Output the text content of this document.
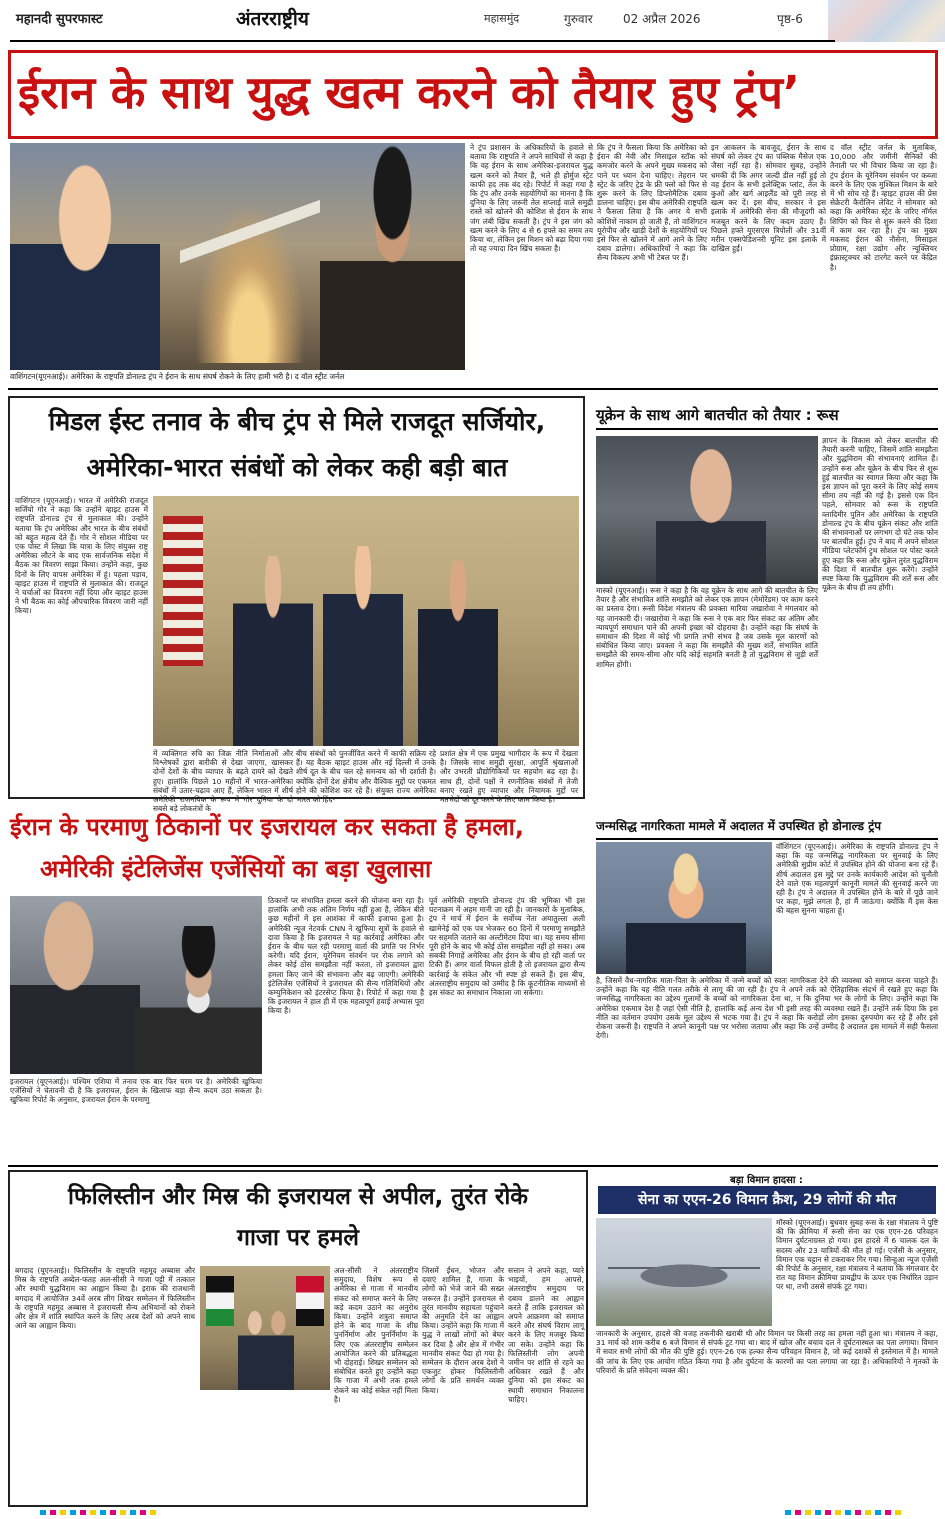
महानदी सुपरफास्ट	अंतरराष्ट्रीय	महासमुंद	गुरुवार	02 अप्रैल 2026	पृष्ठ-6
ईरान के साथ युद्ध खत्म करने को तैयार हुए ट्रंप’
वाशिंगटन(यूएनआई)। अमेरिका के राष्ट्रपति डोनाल्ड ट्रंप ने ईरान के साथ संघर्ष रोकने के लिए हामी भरी है। द वॉल स्ट्रीट जर्नल
ने ट्रंप प्रशासन के अधिकारियों के हवाले से बताया कि राष्ट्रपति ने अपने साथियों से कहा है कि वह ईरान के साथ अमेरिका-इजरायल युद्ध खत्म करने को तैयार हैं, भले ही होर्मुज स्ट्रेट काफी हद तक बंद रहे। रिपोर्ट में कहा गया है कि ट्रंप और उनके सहयोगियों का मानना है कि दुनिया के लिए जरूरी तेल सप्लाई वाले समुद्री रास्ते को खोलने की कोशिश से ईरान के साथ जंग लंबी खिंच सकती है। ट्रंप ने इस जंग को खत्म करने के लिए 4 से 6 हफ्ते का समय तय किया था, लेकिन इस मिशन को बढ़ा दिया गया तो यह ज्यादा दिन खिंच सकता है।
कि ट्रंप ने फैसला किया कि अमेरिका को ईरान की नेवी और मिसाइल स्टॉक को कमजोर करने के अपने मुख्य मकसद को पाने पर ध्यान देना चाहिए। तेहरान पर स्ट्रेट के जरिए ट्रेड के फ्री फ्लो को फिर से शुरू करने के लिए डिप्लोमैटिक दबाव डालना चाहिए। इस बीच अमेरिकी राष्ट्रपति ने फैसला लिया है कि अगर ये सभी कोशिशें नाकाम हो जाती हैं, तो वाशिंगटन यूरोपीय और खाड़ी देशों के सहयोगियों पर इसे फिर से खोलने में आगे आने के लिए दबाव डालेगा। अधिकारियों ने कहा कि सैन्य विकल्प अभी भी टेबल पर हैं।
इन आकलन के बावजूद, ईरान के साथ संघर्ष को लेकर ट्रंप का पब्लिक मैसेज एक जैसा नहीं रहा है। सोमवार सुबह, उन्होंने धमकी दी कि अगर जल्दी डील नहीं हुई तो वह ईरान के सभी इलेक्ट्रिक प्लांट, तेल के कुओं और खर्ग आइलैंड को पूरी तरह से खत्म कर दें। इस बीच, सरकार ने इस इलाके में अमेरिकी सेना की मौजूदगी को मजबूत करने के लिए कदम उठाए हैं। पिछले हफ्ते यूएसएस त्रिपोली और 31वीं मरीन एक्सपेडिशनरी यूनिट इस इलाके में दाखिल हुईं।
द वॉल स्ट्रीट जर्नल के मुताबिक, 10,000 और जमीनी सैनिकों की तैनाती पर भी विचार किया जा रहा है। ट्रंप ईरान के यूरेनियम संवर्धन पर कब्जा करने के लिए एक मुश्किल मिशन के बारे में भी सोच रहे हैं। व्हाइट हाउस की प्रेस सेक्रेटरी कैरोलिन लेविट ने सोमवार को कहा कि अमेरिका स्ट्रेट के जरिए नॉर्मल शिपिंग को फिर से शुरू करने की दिशा में काम कर रहा है। ट्रंप का मुख्य मकसद ईरान की नौसेना, मिसाइल प्रोग्राम, रक्षा उद्योग और न्यूक्लियर इंफ्रास्ट्रक्चर को टारगेट करने पर केंद्रित है।
मिडल ईस्ट तनाव के बीच ट्रंप से मिले राजदूत सर्जियोर,
अमेरिका-भारत संबंधों को लेकर कही बड़ी बात
वाशिंगटन (यूएनआई)। भारत में अमेरिकी राजदूत सर्जियो गोर ने कहा कि उन्होंने व्हाइट हाउस में राष्ट्रपति डोनाल्ड ट्रंप से मुलाकात की। उन्होंने बताया कि ट्रंप अमेरिका और भारत के बीच संबंधों को बहुत महत्व देते हैं। गोर ने सोशल मीडिया पर एक पोस्ट में लिखा कि यात्रा के लिए संयुक्त राष्ट्र अमेरिका लौटने के बाद एक सार्वजनिक संदेश में बैठक का विवरण साझा किया। उन्होंने कहा, कुछ दिनों के लिए वापस अमेरिका में हूं। पहला पड़ाव, व्हाइट हाउस में राष्ट्रपति से मुलाकात की। राजदूत ने चर्चाओं का विवरण नहीं दिया और व्हाइट हाउस ने भी बैठक का कोई औपचारिक विवरण जारी नहीं किया।
में व्यक्तिगत रुचि का जिक्र नीति निर्माताओं और विश्लेषकों द्वारा बारीकी से देखा जाएगा, खासकर दोनों देशों के बीच व्यापार के बढ़ते दायरे को देखते हुए। हालांकि पिछले 10 महीनों में भारत-अमेरिका संबंधों में उतार-चढ़ाव आए हैं, लेकिन भारत में शीर्ष अमेरिकी राजनयिक के रूप में गोर दुनिया के दो सबसे बड़े लोकतंत्रों के
बीच संबंधों को पुनर्जीवित करने में काफी सक्रिय रहे हैं। यह बैठक व्हाइट हाउस और नई दिल्ली में उनके शीर्ष दूत के बीच चल रहे समन्वय को भी दर्शाती है। क्योंकि दोनों देश क्षेत्रीय और वैश्विक मुद्दों पर एकमत होने की कोशिश कर रहे हैं। संयुक्त राज्य अमेरिका भारत को हिंद-
प्रशांत क्षेत्र में एक प्रमुख भागीदार के रूप में देखता है। जिसके साथ समुद्री सुरक्षा, आपूर्ति श्रृंखलाओं और उभरती प्रौद्योगिकियों पर सहयोग बढ़ रहा है। साथ ही, दोनों पक्षों ने रणनीतिक संबंधों में तेजी बनाए रखते हुए व्यापार और नियामक मुद्दों पर मतभेदों को दूर करने के लिए काम किया है।
यूक्रेन के साथ आगे बातचीत को तैयार : रूस
मास्को (यूएनआई)। रूस ने कहा है कि वह यूक्रेन के साथ आगे की बातचीत के लिए तैयार है और संभावित शांति समझौते को लेकर एक ज्ञापन (मेमोरेंडम) पर काम करने का प्रस्ताव देगा। रूसी विदेश मंत्रालय की प्रवक्ता मारिया जखारोवा ने मंगलवार को यह जानकारी दी। जखारोवा ने कहा कि रूस ने एक बार फिर संकट का अंतिम और न्यायपूर्ण समाधान पाने की अपनी इच्छा को दोहराया है। उन्होंने कहा कि संघर्ष के समाधान की दिशा में कोई भी प्रगति तभी संभव है जब उसके मूल कारणों को संबोधित किया जाए। प्रवक्ता ने कहा कि समझौते की मुख्य शर्तें, संभावित शांति समझौते की समय-सीमा और यदि कोई सहमति बनती है तो युद्धविराम से जुड़ी शर्तें शामिल होंगी।
ज्ञापन के विकास को लेकर बातचीत की तैयारी करनी चाहिए, जिसमें शांति समझौता और युद्धविराम की संभावनाएं शामिल हैं। उन्होंने रूस और यूक्रेन के बीच फिर से शुरू हुई बातचीत का स्वागत किया और कहा कि इस ज्ञापन को पूरा करने के लिए कोई समय सीमा तय नहीं की गई है। इससे एक दिन पहले, सोमवार को रूस के राष्ट्रपति व्लादिमीर पुतिन और अमेरिका के राष्ट्रपति डोनाल्ड ट्रंप के बीच यूक्रेन संकट और शांति की संभावनाओं पर लगभग दो घंटे तक फोन पर बातचीत हुई। ट्रंप ने बाद में अपने सोशल मीडिया प्लेटफॉर्म ट्रुथ सोशल पर पोस्ट करते हुए कहा कि रूस और यूक्रेन तुरंत युद्धविराम की दिशा में बातचीत शुरू करेंगे। उन्होंने स्पष्ट किया कि युद्धविराम की शर्तें रूस और यूक्रेन के बीच ही तय होंगी।
ईरान के परमाणु ठिकानों पर इजरायल कर सकता है हमला,
अमेरिकी इंटेलिजेंस एजेंसियों का बड़ा खुलासा
इजरायल (यूएनआई)। पश्चिम एशिया में तनाव एक बार फिर चरम पर है। अमेरिकी खुफिया एजेंसियों ने चेतावनी दी है कि इजरायल, ईरान के खिलाफ बड़ा सैन्य कदम उठा सकता है। खुफिया रिपोर्ट के अनुसार, इजरायल ईरान के परमाणु
ठिकानों पर संभावित हमला करने की योजना बना रहा है। हालांकि अभी तक अंतिम निर्णय नहीं हुआ है, लेकिन बीते कुछ महीनों में इस आशंका में काफी इजाफा हुआ है। अमेरिकी न्यूज नेटवर्क CNN ने खुफिया सूत्रों के हवाले से दावा किया है कि इजरायल ने यह कार्रवाई अमेरिका और ईरान के बीच चल रही परमाणु वार्ता की प्रगति पर निर्भर करेगी। यदि ईरान, यूरेनियम संवर्धन पर रोक लगाने को लेकर कोई ठोस समझौता नहीं करता, तो इजरायल द्वारा हमला किए जाने की संभावना और बढ़ जाएगी। अमेरिकी इंटेलिजेंस एजेंसियों ने इजरायल की सैन्य गतिविधियों और कम्युनिकेशन को इंटरसेप्ट किया है। रिपोर्ट में कहा गया है कि इजरायल ने हाल ही में एक महत्वपूर्ण हवाई अभ्यास पूरा किया है।
पूर्व अमेरिकी राष्ट्रपति डोनाल्ड ट्रंप की भूमिका भी इस घटनाक्रम में अहम मानी जा रही है। जानकारों के मुताबिक, ट्रंप ने मार्च में ईरान के सर्वोच्च नेता अयातुल्ला अली खामेनेई को एक पत्र भेजकर 60 दिनों में परमाणु समझौते पर सहमति जताने का अल्टीमेटम दिया था। यह समय सीमा पूरी होने के बाद भी कोई ठोस समझौता नहीं हो सका। अब सबकी निगाहें अमेरिका और ईरान के बीच हो रही वार्ता पर टिकी हैं। अगर वार्ता विफल होती है तो इजरायल द्वारा सैन्य कार्रवाई के संकेत और भी स्पष्ट हो सकते हैं। इस बीच, अंतरराष्ट्रीय समुदाय को उम्मीद है कि कूटनीतिक माध्यमों से इस संकट का समाधान निकाला जा सकेगा।
जन्मसिद्ध नागरिकता मामले में अदालत में उपस्थित हो डोनाल्ड ट्रंप
वॉशिंगटन (यूएनआई)। अमेरिका के राष्ट्रपति डोनाल्ड ट्रंप ने कहा कि वह जन्मसिद्ध नागरिकता पर सुनवाई के लिए अमेरिकी सुप्रीम कोर्ट में उपस्थित होने की योजना बना रहे हैं। शीर्ष अदालत इस मुद्दे पर उनके कार्यकारी आदेश को चुनौती देने वाले एक महत्वपूर्ण कानूनी मामले की सुनवाई करने जा रही है। ट्रंप ने अदालत में उपस्थित होने के बारे में पूछे जाने पर कहा, मुझे लगता है, हां मैं जाऊंगा। क्योंकि मैं इस केस की बहस सुनना चाहता हूं।
है, जिसमें वैध-नागरिक माता-पिता के अमेरिका में जन्मे बच्चों को स्वतः नागरिकता देने की व्यवस्था को समाप्त करना चाहते हैं। उन्होंने कहा कि यह नीति गलत तरीके से लागू की जा रही है। ट्रंप ने अपने तर्क को ऐतिहासिक संदर्भ में रखते हुए कहा कि जन्मसिद्ध नागरिकता का उद्देश्य गुलामों के बच्चों को नागरिकता देना था, न कि दुनिया भर के लोगों के लिए। उन्होंने कहा कि अमेरिका एकमात्र देश है जहां ऐसी नीति है, हालांकि कई अन्य देश भी इसी तरह की व्यवस्था रखते हैं। उन्होंने तर्क दिया कि इस नीति का वर्तमान उपयोग उसके मूल उद्देश्य से भटक गया है। ट्रंप ने कहा कि करोड़ों लोग इसका दुरुपयोग कर रहे हैं और इसे रोकना जरूरी है। राष्ट्रपति ने अपने कानूनी पक्ष पर भरोसा जताया और कहा कि उन्हें उम्मीद है अदालत इस मामले में सही फैसला देगी।
फिलिस्तीन और मिस्र की इजरायल से अपील, तुरंत रोके
गाजा पर हमले
बगदाद (यूएनआई)। फिलिस्तीन के राष्ट्रपति महमूद अब्बास और मिस्र के राष्ट्रपति अब्देल-फतह अल-सीसी ने गाजा पट्टी में तत्काल और स्थायी युद्धविराम का आह्वान किया है। इराक की राजधानी बगदाद में आयोजित 34वें अरब लीग शिखर सम्मेलन में फिलिस्तीन के राष्ट्रपति महमूद अब्बास ने इजरायली सैन्य अभियानों को रोकने और क्षेत्र में शांति स्थापित करने के लिए अरब देशों को अपने साथ आने का आह्वान किया।
अल-सीसी ने अंतरराष्ट्रीय समुदाय, विशेष रूप से अमेरिका से गाजा में मानवीय संकट को समाप्त करने के लिए कड़े कदम उठाने का अनुरोध किया। उन्होंने शत्रुता समाप्त होने के बाद गाजा के शीघ्र पुनर्निर्माण और पुनर्निर्माण के लिए एक अंतरराष्ट्रीय सम्मेलन आयोजित करने की प्रतिबद्धता भी दोहराई। शिखर सम्मेलन को संबोधित करते हुए उन्होंने कहा कि गाजा में अभी तक हमले रोकने का कोई संकेत नहीं मिला है।
जिसमें ईंधन, भोजन और दवाएं शामिल हैं, गाजा के लोगों को भेजे जाने की सख्त जरूरत है। उन्होंने इजरायल से तुरंत मानवीय सहायता पहुंचाने की अनुमति देने का आह्वान किया। उन्होंने कहा कि गाजा में युद्ध ने लाखों लोगों को बेघर कर दिया है और क्षेत्र में गंभीर मानवीय संकट पैदा हो गया है। सम्मेलन के दौरान अरब देशों ने एकजुट होकर फिलिस्तीनी लोगों के प्रति समर्थन व्यक्त किया।
सत्तान ने अपने कहा, प्यारे भाइयों, हम आपसे, अंतरराष्ट्रीय समुदाय पर दबाव डालने का आह्वान करते हैं ताकि इजरायल को अपने आक्रमण को समाप्त करने और संघर्ष विराम लागू करने के लिए मजबूर किया जा सके। उन्होंने कहा कि फिलिस्तीनी लोग अपनी जमीन पर शांति से रहने का अधिकार रखते हैं और दुनिया को इस संकट का स्थायी समाधान निकालना चाहिए।
बड़ा विमान हादसा :
सेना का एएन-26 विमान क्रैश, 29 लोगों की मौत
मॉस्को (यूएनआई)। बुधवार सुबह रूस के रक्षा मंत्रालय ने पुष्टि की कि क्रीमिया में रूसी सेना का एक एएन-26 परिवहन विमान दुर्घटनाग्रस्त हो गया। इस हादसे में 6 चालक दल के सदस्य और 23 यात्रियों की मौत हो गई। एजेंसी के अनुसार, विमान एक चट्टान से टकराकर गिर गया। सिन्हुआ न्यूज एजेंसी की रिपोर्ट के अनुसार, रक्षा मंत्रालय ने बताया कि मंगलवार देर रात यह विमान क्रीमिया प्रायद्वीप के ऊपर एक निर्धारित उड़ान पर था, तभी उससे संपर्क टूट गया।
जानकारी के अनुसार, हादसे की वजह तकनीकी खराबी थी और विमान पर किसी तरह का हमला नहीं हुआ था। मंत्रालय ने कहा, 31 मार्च को शाम करीब 6 बजे विमान से संपर्क टूट गया था। बाद में खोज और बचाव दल ने दुर्घटनास्थल का पता लगाया। विमान में सवार सभी लोगों की मौत की पुष्टि हुई। एएन-26 एक हल्का सैन्य परिवहन विमान है, जो कई दशकों से इस्तेमाल में है। मामले की जांच के लिए एक आयोग गठित किया गया है और दुर्घटना के कारणों का पता लगाया जा रहा है। अधिकारियों ने मृतकों के परिवारों के प्रति संवेदना व्यक्त की।
